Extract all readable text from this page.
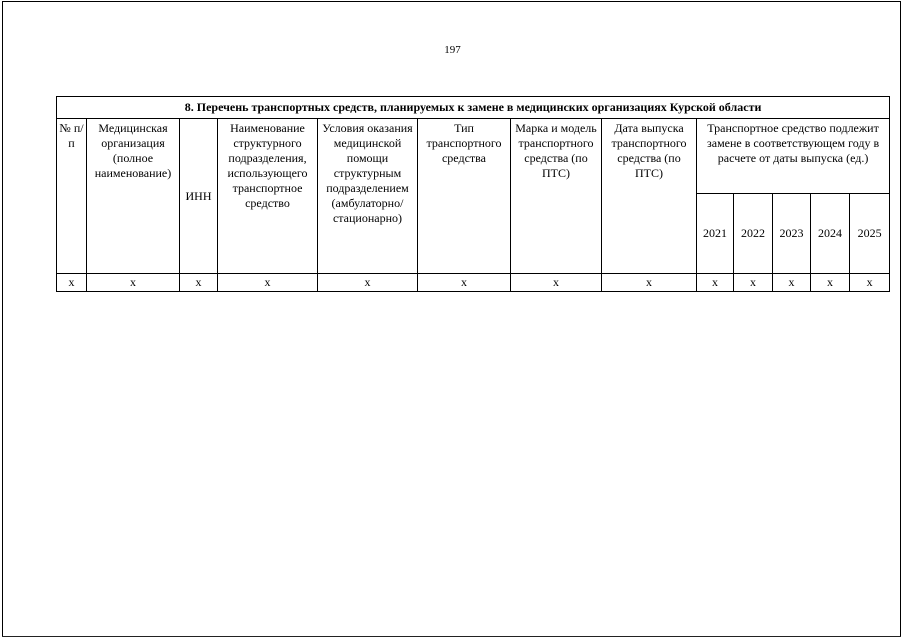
197
8. Перечень транспортных средств, планируемых к замене в медицинских организациях Курской области												
№ п/п	Медицинская организация (полное наименование)	ИНН	Наименование структурного подразделения, использующего транспортное средство	Условия оказания медицинской помощи структурным подразделением (амбулаторно/ стационарно)	Тип транспортного средства	Марка и модель транспортного средства (по ПТС)	Дата выпуска транспортного средства (по ПТС)	Транспортное средство подлежит замене в соответствующем году в расчете от даты выпуска (ед.)				
								2021	2022	2023	2024	2025
х	х	х	х	х	х	х	х	х	х	х	х	х
